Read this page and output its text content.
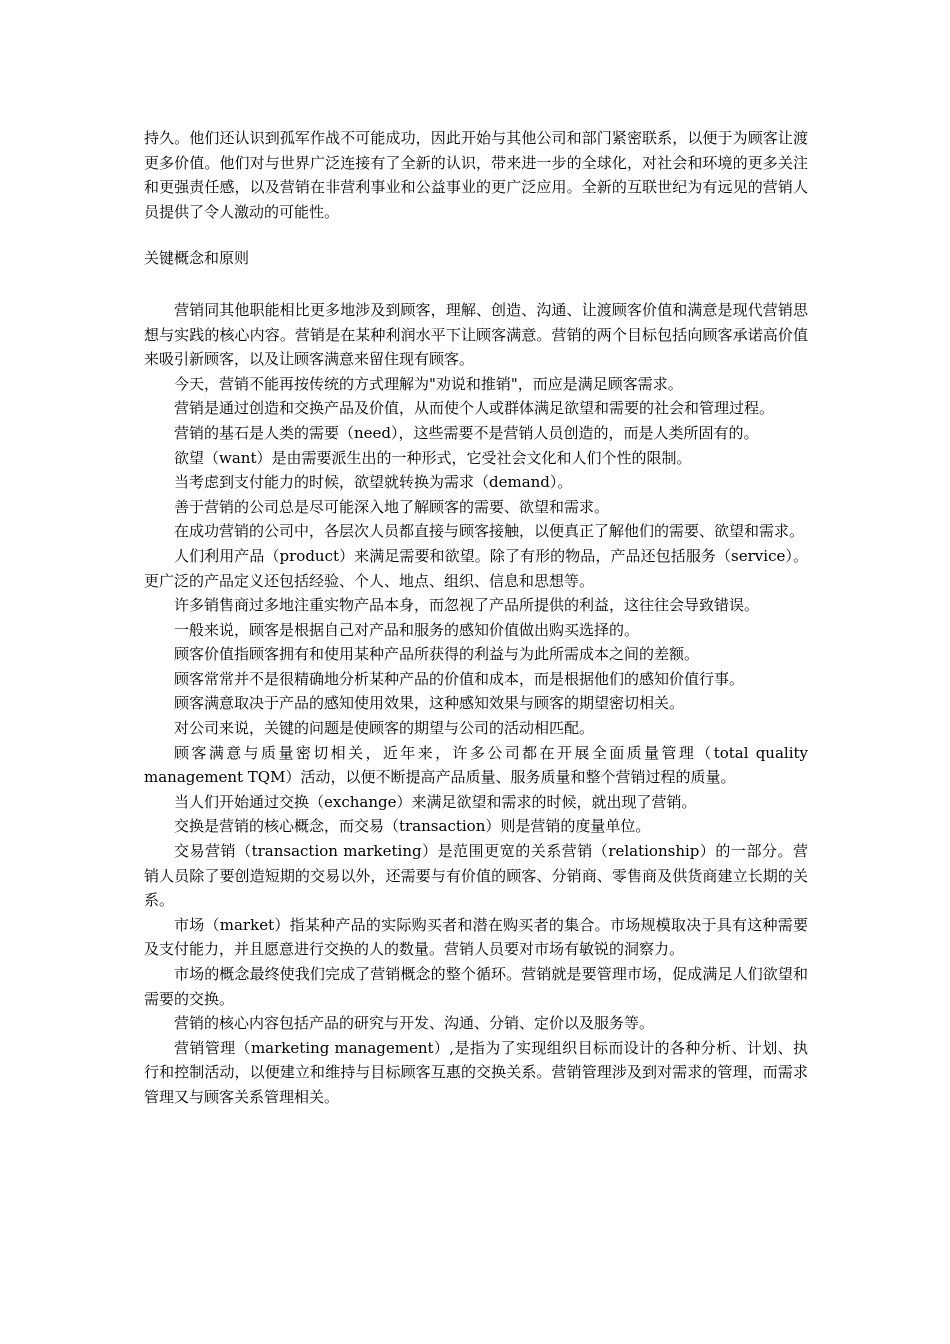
持久。他们还认识到孤军作战不可能成功，因此开始与其他公司和部门紧密联系，以便于为顾客让渡更多价值。他们对与世界广泛连接有了全新的认识，带来进一步的全球化，对社会和环境的更多关注和更强责任感，以及营销在非营利事业和公益事业的更广泛应用。全新的互联世纪为有远见的营销人员提供了令人激动的可能性。

关键概念和原则

营销同其他职能相比更多地涉及到顾客，理解、创造、沟通、让渡顾客价值和满意是现代营销思想与实践的核心内容。营销是在某种利润水平下让顾客满意。营销的两个目标包括向顾客承诺高价值来吸引新顾客，以及让顾客满意来留住现有顾客。

今天，营销不能再按传统的方式理解为"劝说和推销"，而应是满足顾客需求。

营销是通过创造和交换产品及价值，从而使个人或群体满足欲望和需要的社会和管理过程。

营销的基石是人类的需要（need），这些需要不是营销人员创造的，而是人类所固有的。

欲望（want）是由需要派生出的一种形式，它受社会文化和人们个性的限制。

当考虑到支付能力的时候，欲望就转换为需求（demand）。

善于营销的公司总是尽可能深入地了解顾客的需要、欲望和需求。

在成功营销的公司中，各层次人员都直接与顾客接触，以便真正了解他们的需要、欲望和需求。

人们利用产品（product）来满足需要和欲望。除了有形的物品，产品还包括服务（service）。更广泛的产品定义还包括经验、个人、地点、组织、信息和思想等。

许多销售商过多地注重实物产品本身，而忽视了产品所提供的利益，这往往会导致错误。

一般来说，顾客是根据自己对产品和服务的感知价值做出购买选择的。

顾客价值指顾客拥有和使用某种产品所获得的利益与为此所需成本之间的差额。

顾客常常并不是很精确地分析某种产品的价值和成本，而是根据他们的感知价值行事。

顾客满意取决于产品的感知使用效果，这种感知效果与顾客的期望密切相关。

对公司来说，关键的问题是使顾客的期望与公司的活动相匹配。

顾客满意与质量密切相关，近年来，许多公司都在开展全面质量管理（total quality management TQM）活动，以便不断提高产品质量、服务质量和整个营销过程的质量。

当人们开始通过交换（exchange）来满足欲望和需求的时候，就出现了营销。

交换是营销的核心概念，而交易（transaction）则是营销的度量单位。

交易营销（transaction marketing）是范围更宽的关系营销（relationship）的一部分。营销人员除了要创造短期的交易以外，还需要与有价值的顾客、分销商、零售商及供货商建立长期的关系。

市场（market）指某种产品的实际购买者和潜在购买者的集合。市场规模取决于具有这种需要及支付能力，并且愿意进行交换的人的数量。营销人员要对市场有敏锐的洞察力。

市场的概念最终使我们完成了营销概念的整个循环。营销就是要管理市场，促成满足人们欲望和需要的交换。

营销的核心内容包括产品的研究与开发、沟通、分销、定价以及服务等。

营销管理（marketing management）,是指为了实现组织目标而设计的各种分析、计划、执行和控制活动，以便建立和维持与目标顾客互惠的交换关系。营销管理涉及到对需求的管理，而需求管理又与顾客关系管理相关。
